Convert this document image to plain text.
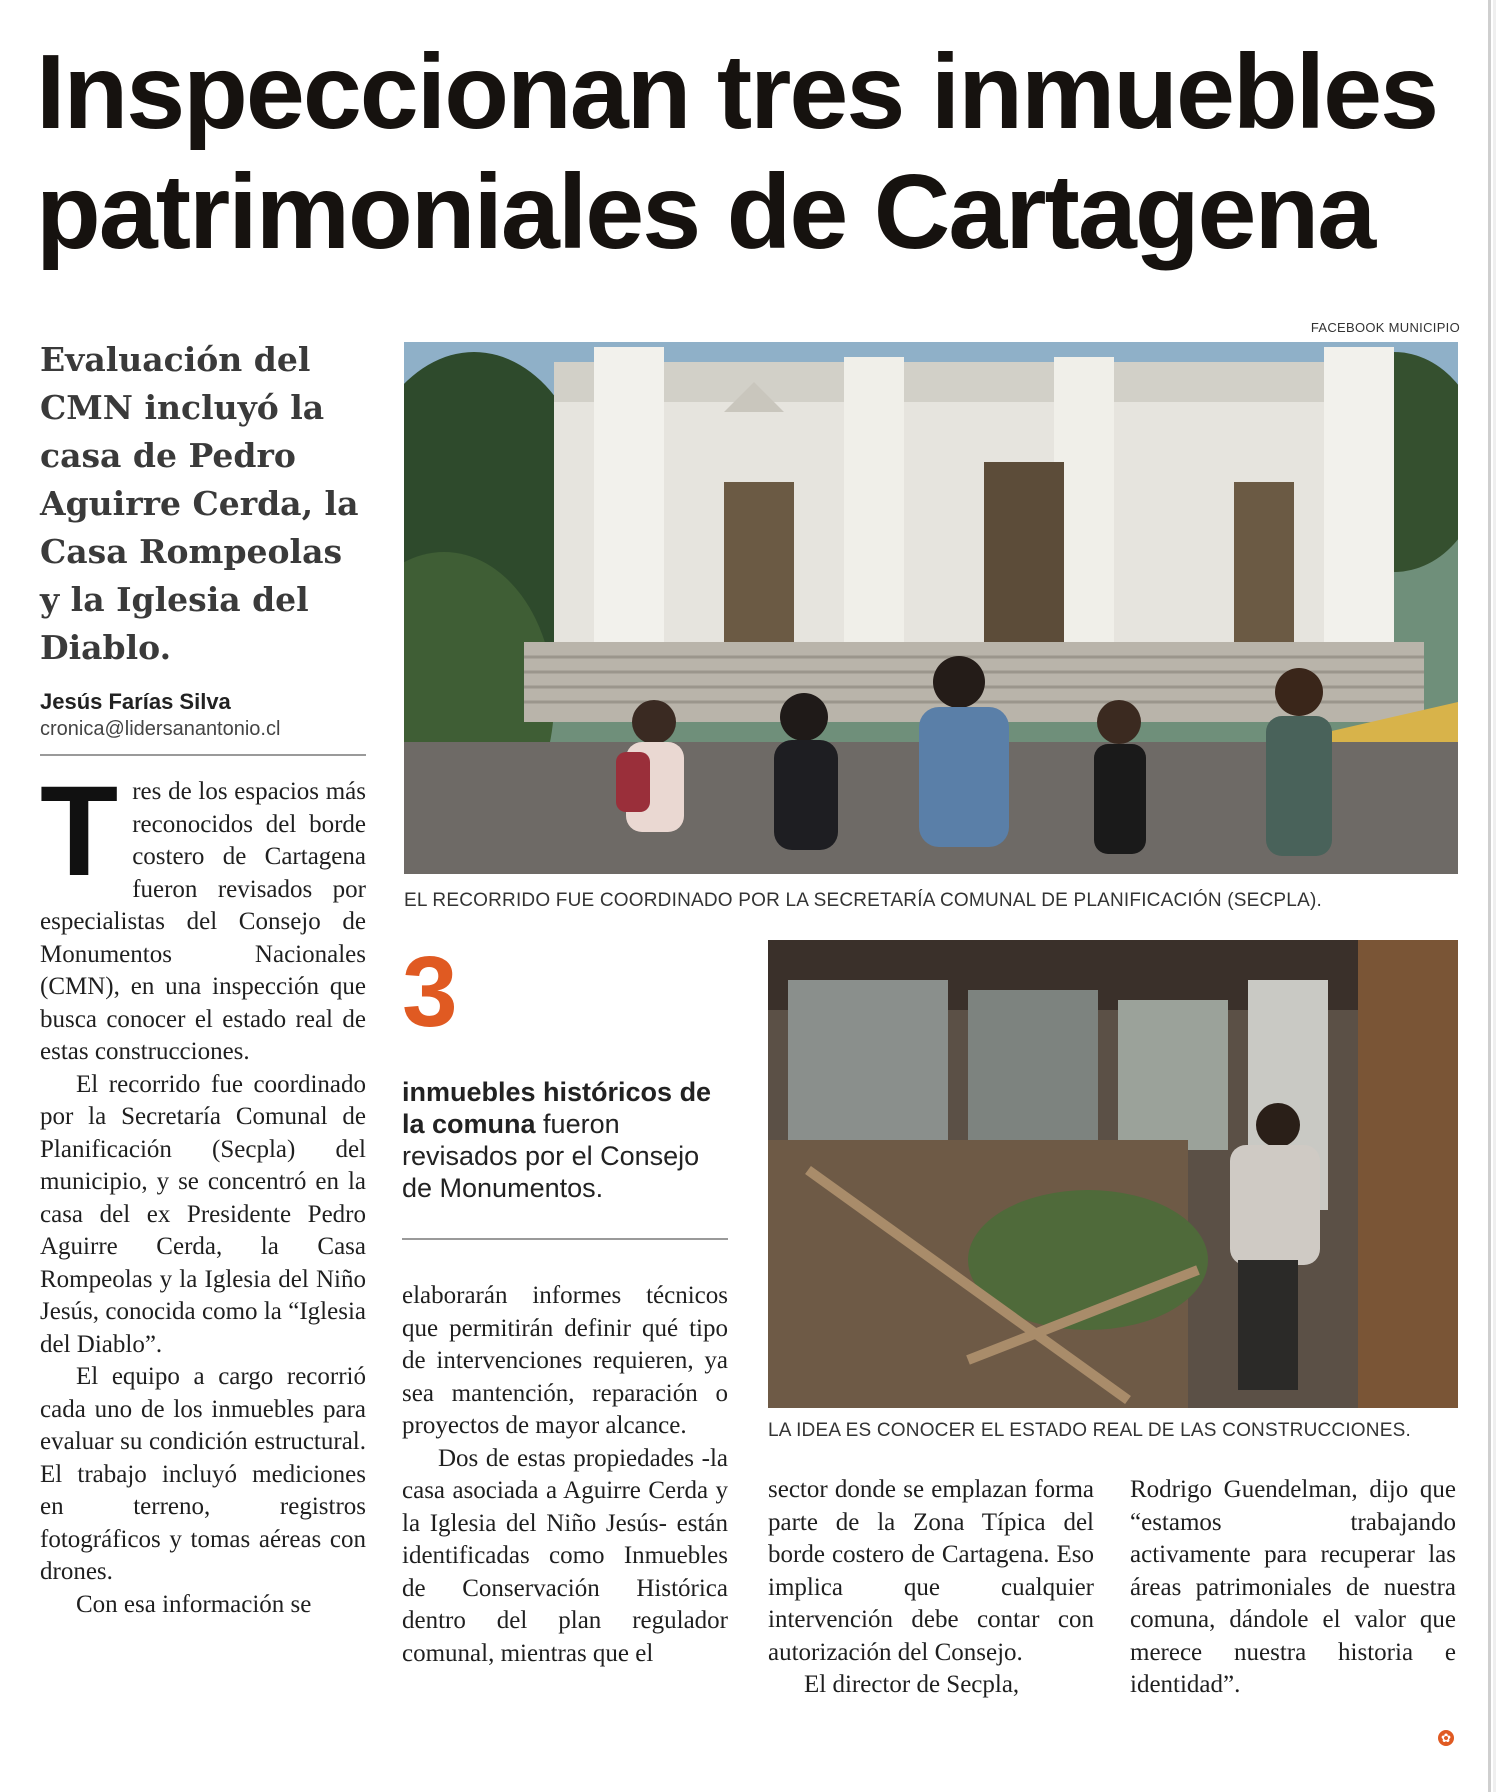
Inspeccionan tres inmuebles
patrimoniales de Cartagena
Evaluación del CMN incluyó la casa de Pedro Aguirre Cerda, la Casa Rompeolas y la Iglesia del Diablo.
Jesús Farías Silva
cronica@lidersanantonio.cl
FACEBOOK MUNICIPIO
EL RECORRIDO FUE COORDINADO POR LA SECRETARÍA COMUNAL DE PLANIFICACIÓN (SECPLA).
3
inmuebles históricos de la comuna fueron revisados por el Consejo de Monumentos.
LA IDEA ES CONOCER EL ESTADO REAL DE LAS CONSTRUCCIONES.

Tres de los espacios más reconocidos del borde costero de Cartagena fueron revisados por especialistas del Consejo de Monumentos Nacionales (CMN), en una inspección que busca conocer el estado real de estas construcciones.

El recorrido fue coordinado por la Secretaría Comunal de Planificación (Secpla) del municipio, y se concentró en la casa del ex Presidente Pedro Aguirre Cerda, la Casa Rompeolas y la Iglesia del Niño Jesús, conocida como la “Iglesia del Diablo”.

El equipo a cargo recorrió cada uno de los inmuebles para evaluar su condición estructural. El trabajo incluyó mediciones en terreno, registros fotográficos y tomas aéreas con drones.

Con esa información se

elaborarán informes técnicos que permitirán definir qué tipo de intervenciones requieren, ya sea mantención, reparación o proyectos de mayor alcance.

Dos de estas propiedades -la casa asociada a Aguirre Cerda y la Iglesia del Niño Jesús- están identificadas como Inmuebles de Conservación Histórica dentro del plan regulador comunal, mientras que el

sector donde se emplazan forma parte de la Zona Típica del borde costero de Cartagena. Eso implica que cualquier intervención debe contar con autorización del Consejo.

El director de Secpla,

Rodrigo Guendelman, dijo que “estamos trabajando activamente para recuperar las áreas patrimoniales de nuestra comuna, dándole el valor que merece nuestra historia e identidad”.

✿
